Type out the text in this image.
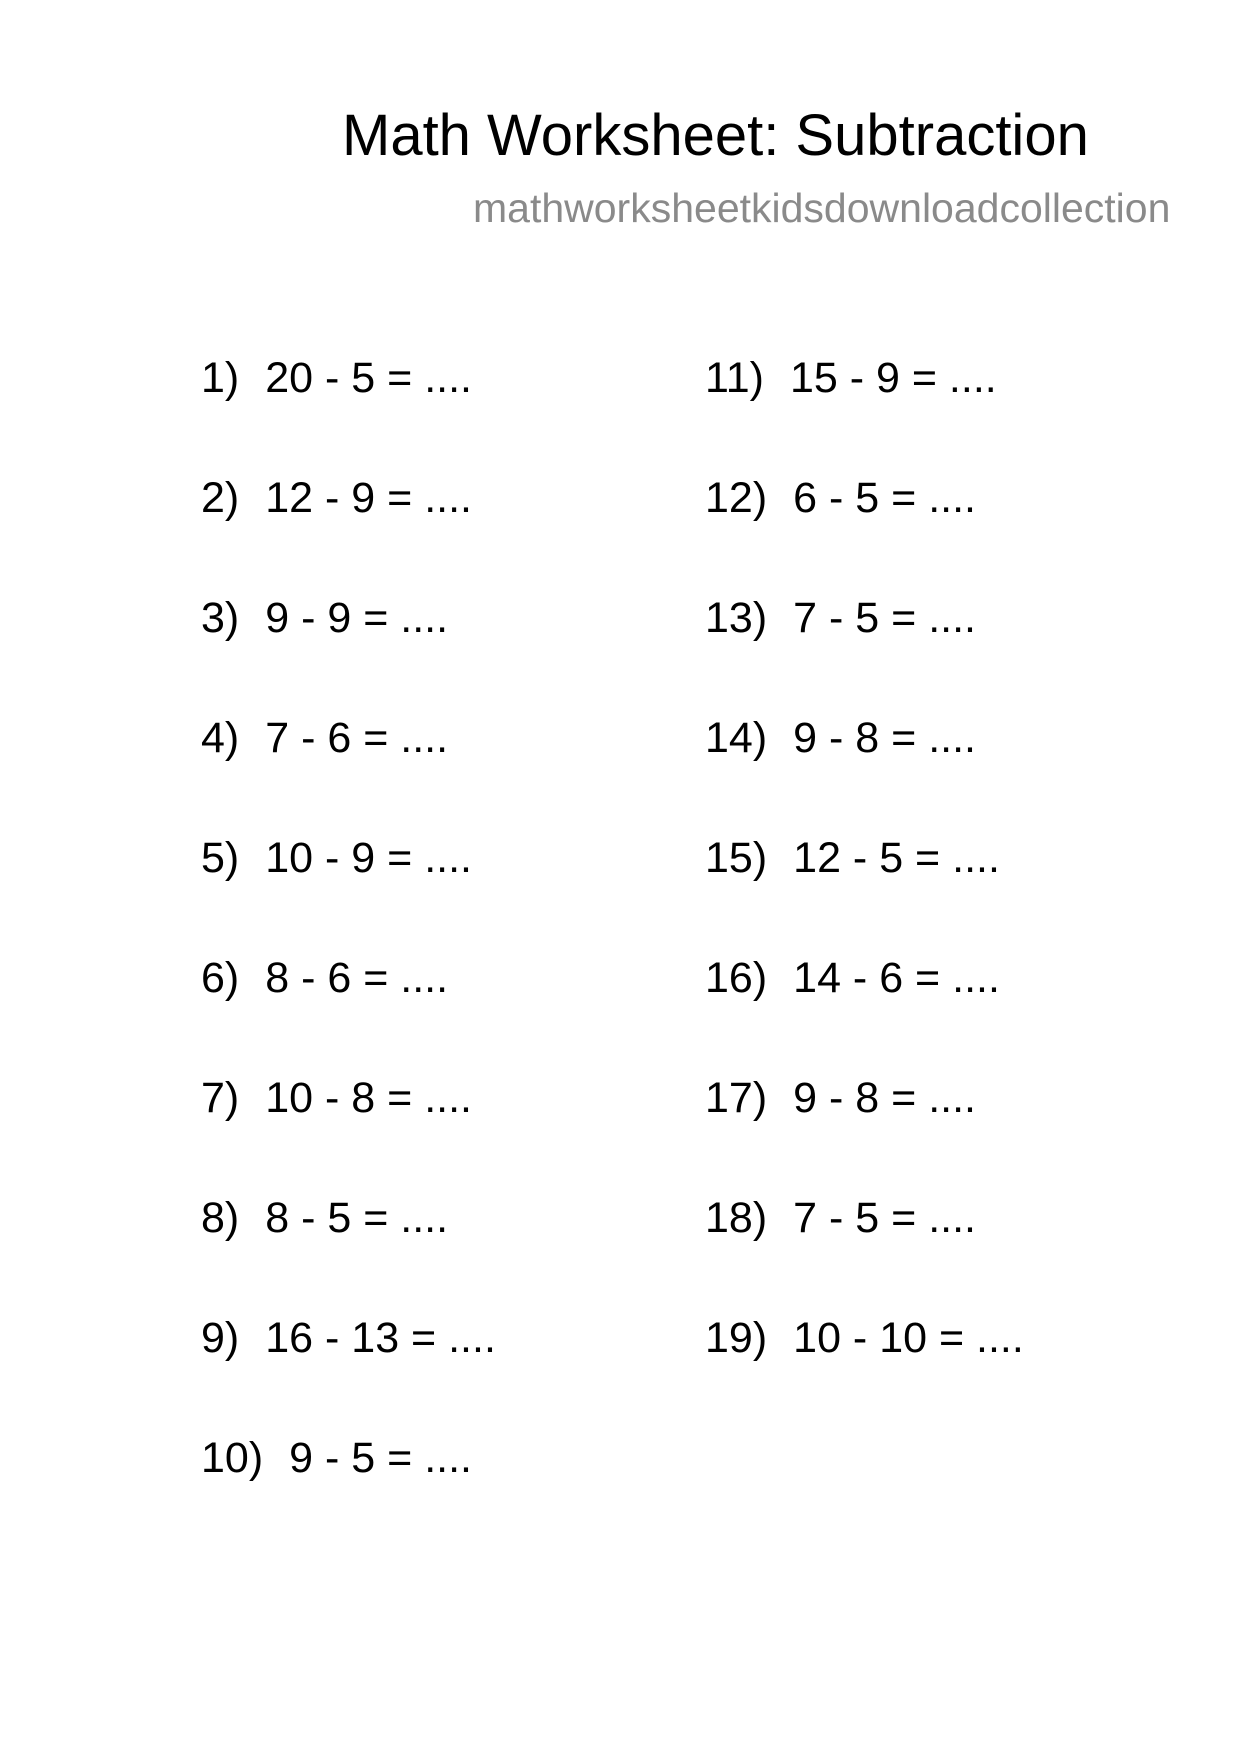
Math Worksheet: Subtraction
mathworksheetkidsdownloadcollection
1) 20 - 5 = ....
2) 12 - 9 = ....
3) 9 - 9 = ....
4) 7 - 6 = ....
5) 10 - 9 = ....
6) 8 - 6 = ....
7) 10 - 8 = ....
8) 8 - 5 = ....
9) 16 - 13 = ....
10) 9 - 5 = ....
11) 15 - 9 = ....
12) 6 - 5 = ....
13) 7 - 5 = ....
14) 9 - 8 = ....
15) 12 - 5 = ....
16) 14 - 6 = ....
17) 9 - 8 = ....
18) 7 - 5 = ....
19) 10 - 10 = ....
